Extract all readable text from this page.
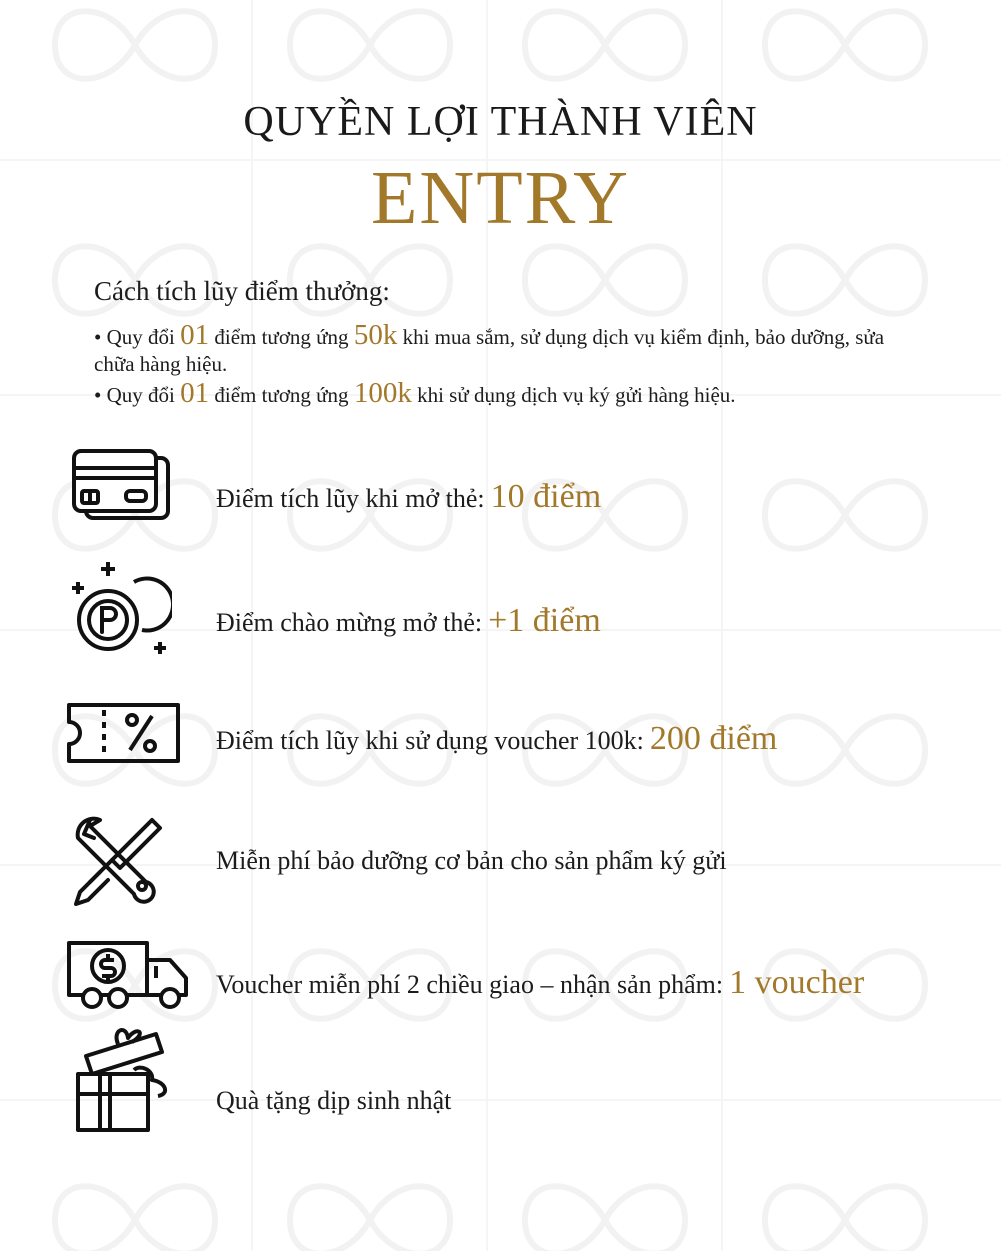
QUYỀN LỢI THÀNH VIÊN
ENTRY
Cách tích lũy điểm thưởng:
• Quy đổi 01 điểm tương ứng 50k khi mua sắm, sử dụng dịch vụ kiểm định, bảo dưỡng, sửa chữa hàng hiệu.
• Quy đổi 01 điểm tương ứng 100k khi sử dụng dịch vụ ký gửi hàng hiệu.
Điểm tích lũy khi mở thẻ: 10 điểm
Điểm chào mừng mở thẻ: +1 điểm
Điểm tích lũy khi sử dụng voucher 100k: 200 điểm
Miễn phí bảo dưỡng cơ bản cho sản phẩm ký gửi
Voucher miễn phí 2 chiều giao – nhận sản phẩm: 1 voucher
Quà tặng dịp sinh nhật
